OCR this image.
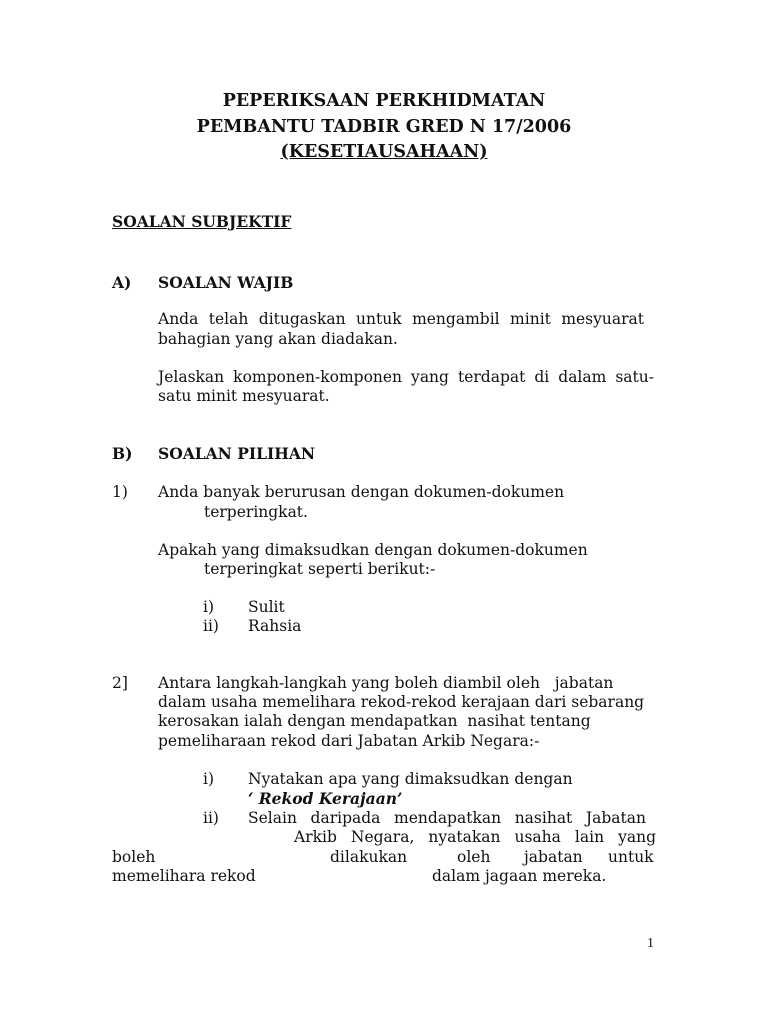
PEPERIKSAAN PERKHIDMATAN
PEMBANTU TADBIR GRED N 17/2006
(KESETIAUSAHAAN)
SOALAN SUBJEKTIF
A) SOALAN WAJIB
Anda telah ditugaskan untuk mengambil minit mesyuarat
bahagian yang akan diadakan.
Jelaskan komponen-komponen yang terdapat di dalam satu-
satu minit mesyuarat.
B) SOALAN PILIHAN
1) Anda banyak berurusan dengan dokumen-dokumen
terperingkat.
Apakah yang dimaksudkan dengan dokumen-dokumen
terperingkat seperti berikut:-
i) Sulit
ii) Rahsia
2] Antara langkah-langkah yang boleh diambil oleh   jabatan
dalam usaha memelihara rekod-rekod kerajaan dari sebarang
kerosakan ialah dengan mendapatkan  nasihat tentang
pemeliharaan rekod dari Jabatan Arkib Negara:-
i) Nyatakan apa yang dimaksudkan dengan
‘ Rekod Kerajaan’
ii) Selain daripada mendapatkan nasihat Jabatan
Arkib Negara, nyatakan usaha lain yang
boleh	dilakukan	oleh jabatan untuk
memelihara rekod	dalam jagaan mereka.
1
